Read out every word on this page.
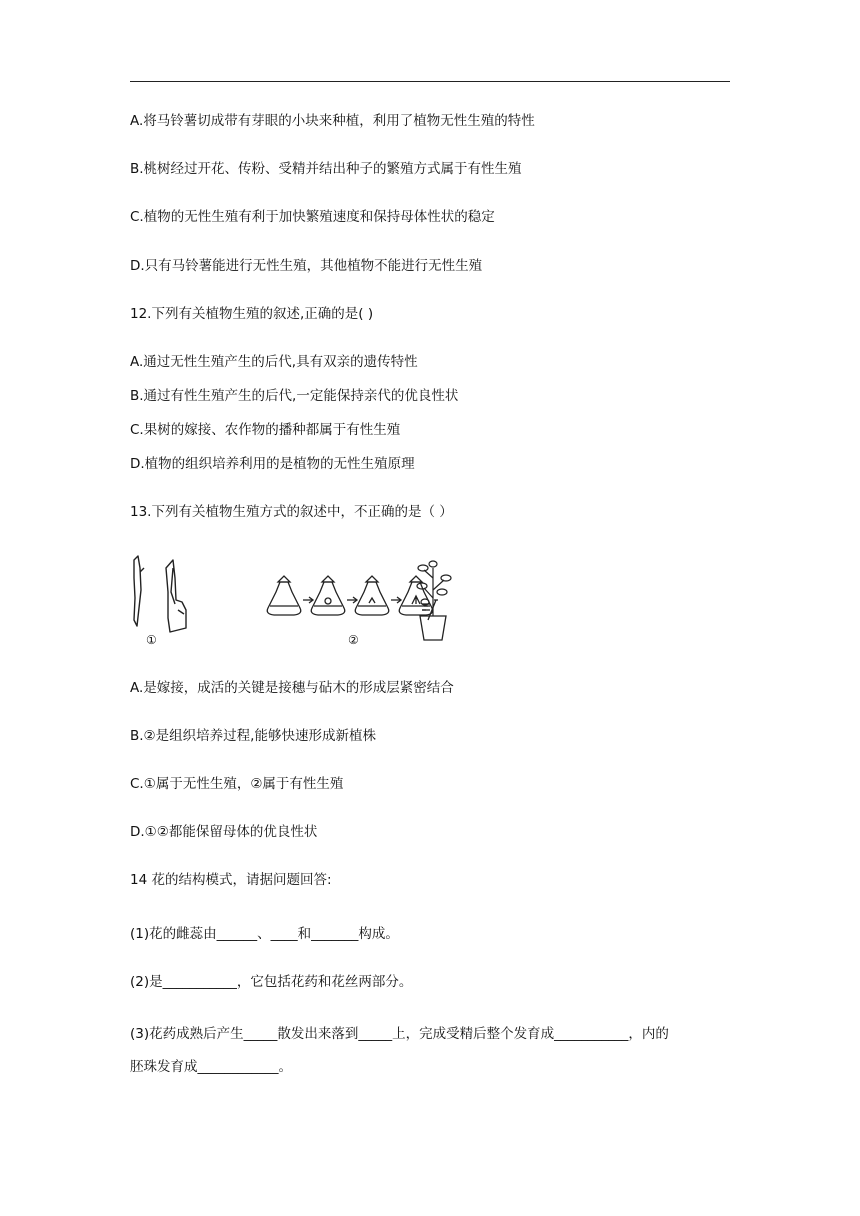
A.将马铃薯切成带有芽眼的小块来种植，利用了植物无性生殖的特性
B.桃树经过开花、传粉、受精并结出种子的繁殖方式属于有性生殖
C.植物的无性生殖有利于加快繁殖速度和保持母体性状的稳定
D.只有马铃薯能进行无性生殖，其他植物不能进行无性生殖
12.下列有关植物生殖的叙述,正确的是( )
A.通过无性生殖产生的后代,具有双亲的遗传特性
B.通过有性生殖产生的后代,一定能保持亲代的优良性状
C.果树的嫁接、农作物的播种都属于有性生殖
D.植物的组织培养利用的是植物的无性生殖原理
13.下列有关植物生殖方式的叙述中，不正确的是（ ）
①	②
A.是嫁接，成活的关键是接穗与砧木的形成层紧密结合
B.②是组织培养过程,能够快速形成新植株
C.①属于无性生殖，②属于有性生殖
D.①②都能保留母体的优良性状
14 花的结构模式，请据问题回答:
(1)花的雌蕊由______、____和_______构成。
(2)是___________，它包括花药和花丝两部分。
(3)花药成熟后产生_____散发出来落到_____上，完成受精后整个发育成___________，内的
胚珠发育成____________。
